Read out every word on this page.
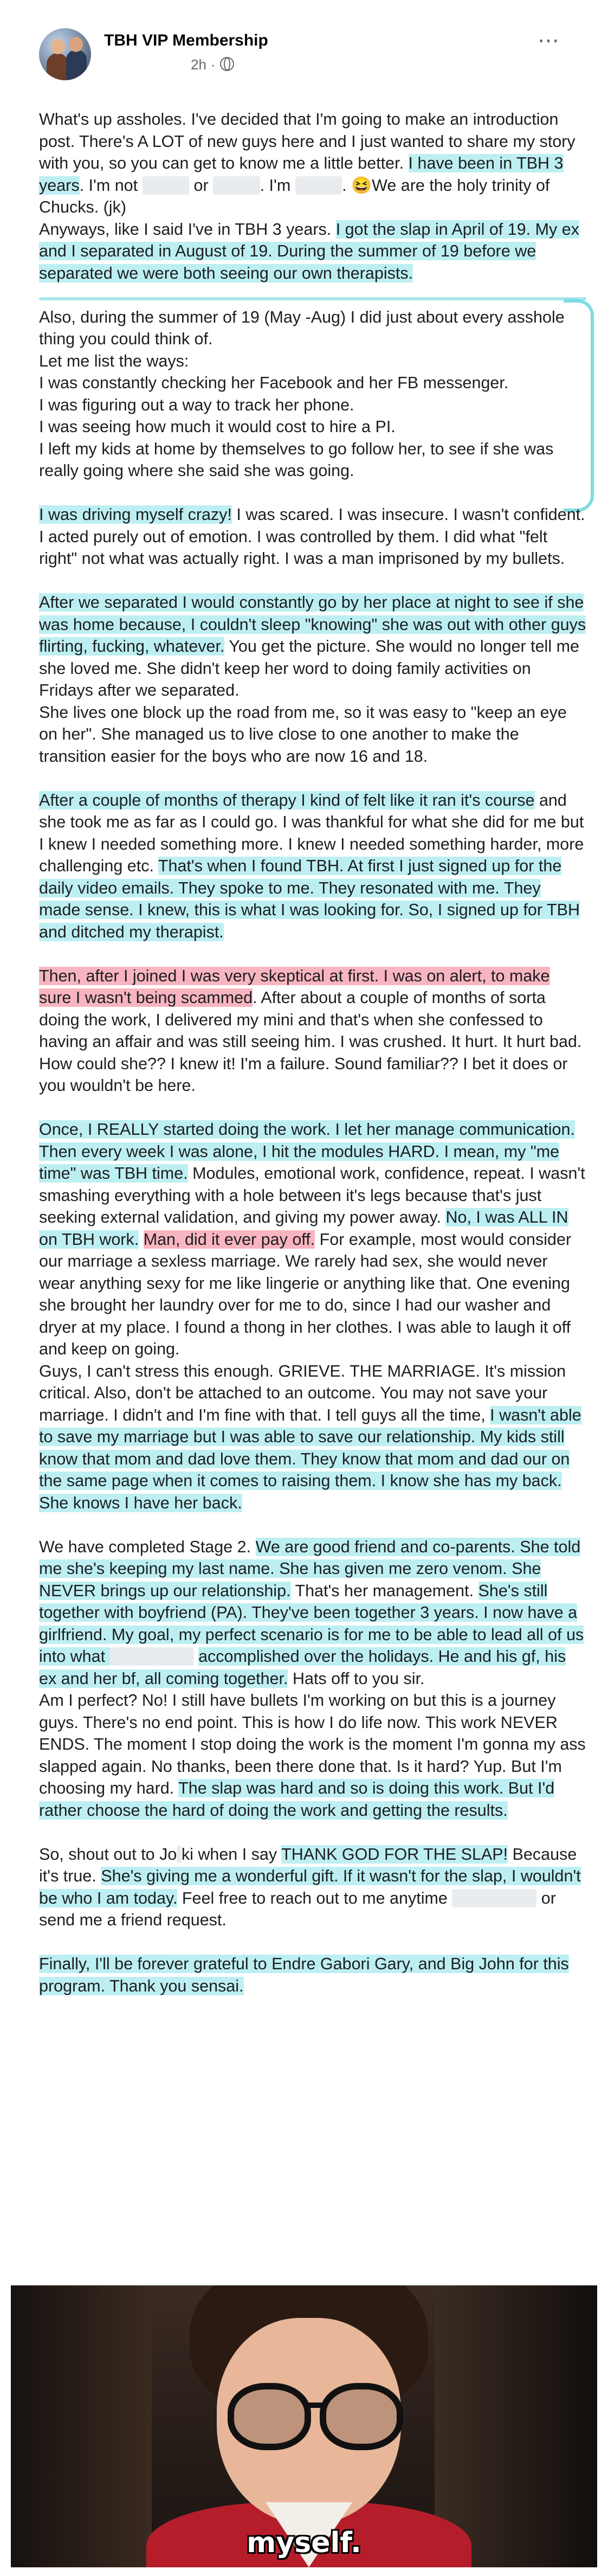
TBH VIP Membership
2h ·
⋯

What's up assholes. I've decided that I'm going to make an introduction post. There's A LOT of new guys here and I just wanted to share my story with you, so you can get to know me a little better. I have been in TBH 3 years. I'm not	or	. I'm	. 😆We are the holy trinity of Chucks. (jk)
Anyways, like I said I've in TBH 3 years. I got the slap in April of 19. My ex and I separated in August of 19. During the summer of 19 before we separated we were both seeing our own therapists.

Also, during the summer of 19 (May -Aug) I did just about every asshole thing you could think of.
Let me list the ways:
I was constantly checking her Facebook and her FB messenger.
I was figuring out a way to track her phone.
I was seeing how much it would cost to hire a PI.
I left my kids at home by themselves to go follow her, to see if she was really going where she said she was going.

I was driving myself crazy! I was scared. I was insecure. I wasn't confident. I acted purely out of emotion. I was controlled by them. I did what "felt right" not what was actually right. I was a man imprisoned by my bullets.

After we separated I would constantly go by her place at night to see if she was home because, I couldn't sleep "knowing" she was out with other guys flirting, fucking, whatever. You get the picture. She would no longer tell me she loved me. She didn't keep her word to doing family activities on Fridays after we separated.
She lives one block up the road from me, so it was easy to "keep an eye on her". She managed us to live close to one another to make the transition easier for the boys who are now 16 and 18.

After a couple of months of therapy I kind of felt like it ran it's course and she took me as far as I could go. I was thankful for what she did for me but I knew I needed something more. I knew I needed something harder, more challenging etc. That's when I found TBH. At first I just signed up for the daily video emails. They spoke to me. They resonated with me. They made sense. I knew, this is what I was looking for. So, I signed up for TBH and ditched my therapist.

Then, after I joined I was very skeptical at first. I was on alert, to make sure I wasn't being scammed. After about a couple of months of sorta doing the work, I delivered my mini and that's when she confessed to having an affair and was still seeing him. I was crushed. It hurt. It hurt bad. How could she?? I knew it! I'm a failure. Sound familiar?? I bet it does or you wouldn't be here.

Once, I REALLY started doing the work. I let her manage communication. Then every week I was alone, I hit the modules HARD. I mean, my "me time" was TBH time. Modules, emotional work, confidence, repeat. I wasn't smashing everything with a hole between it's legs because that's just seeking external validation, and giving my power away. No, I was ALL IN on TBH work. Man, did it ever pay off. For example, most would consider our marriage a sexless marriage. We rarely had sex, she would never wear anything sexy for me like lingerie or anything like that. One evening she brought her laundry over for me to do, since I had our washer and dryer at my place. I found a thong in her clothes. I was able to laugh it off and keep on going.
Guys, I can't stress this enough. GRIEVE. THE MARRIAGE. It's mission critical. Also, don't be attached to an outcome. You may not save your marriage. I didn't and I'm fine with that. I tell guys all the time, I wasn't able to save my marriage but I was able to save our relationship. My kids still know that mom and dad love them. They know that mom and dad our on the same page when it comes to raising them. I know she has my back. She knows I have her back.

We have completed Stage 2. We are good friend and co-parents. She told me she's keeping my last name. She has given me zero venom. She NEVER brings up our relationship. That's her management. She's still together with boyfriend (PA). They've been together 3 years. I now have a girlfriend. My goal, my perfect scenario is for me to be able to lead all of us into what	accomplished over the holidays. He and his gf, his ex and her bf, all coming together. Hats off to you sir.
Am I perfect? No! I still have bullets I'm working on but this is a journey guys. There's no end point. This is how I do life now. This work NEVER ENDS. The moment I stop doing the work is the moment I'm gonna my ass slapped again. No thanks, been there done that. Is it hard? Yup. But I'm choosing my hard. The slap was hard and so is doing this work. But I'd rather choose the hard of doing the work and getting the results.

So, shout out to Jo ki when I say THANK GOD FOR THE SLAP! Because it's true. She's giving me a wonderful gift. If it wasn't for the slap, I wouldn't be who I am today. Feel free to reach out to me anytime	or send me a friend request.

Finally, I'll be forever grateful to Endre Gabori Gary, and Big John for this program. Thank you sensai.

myself.
